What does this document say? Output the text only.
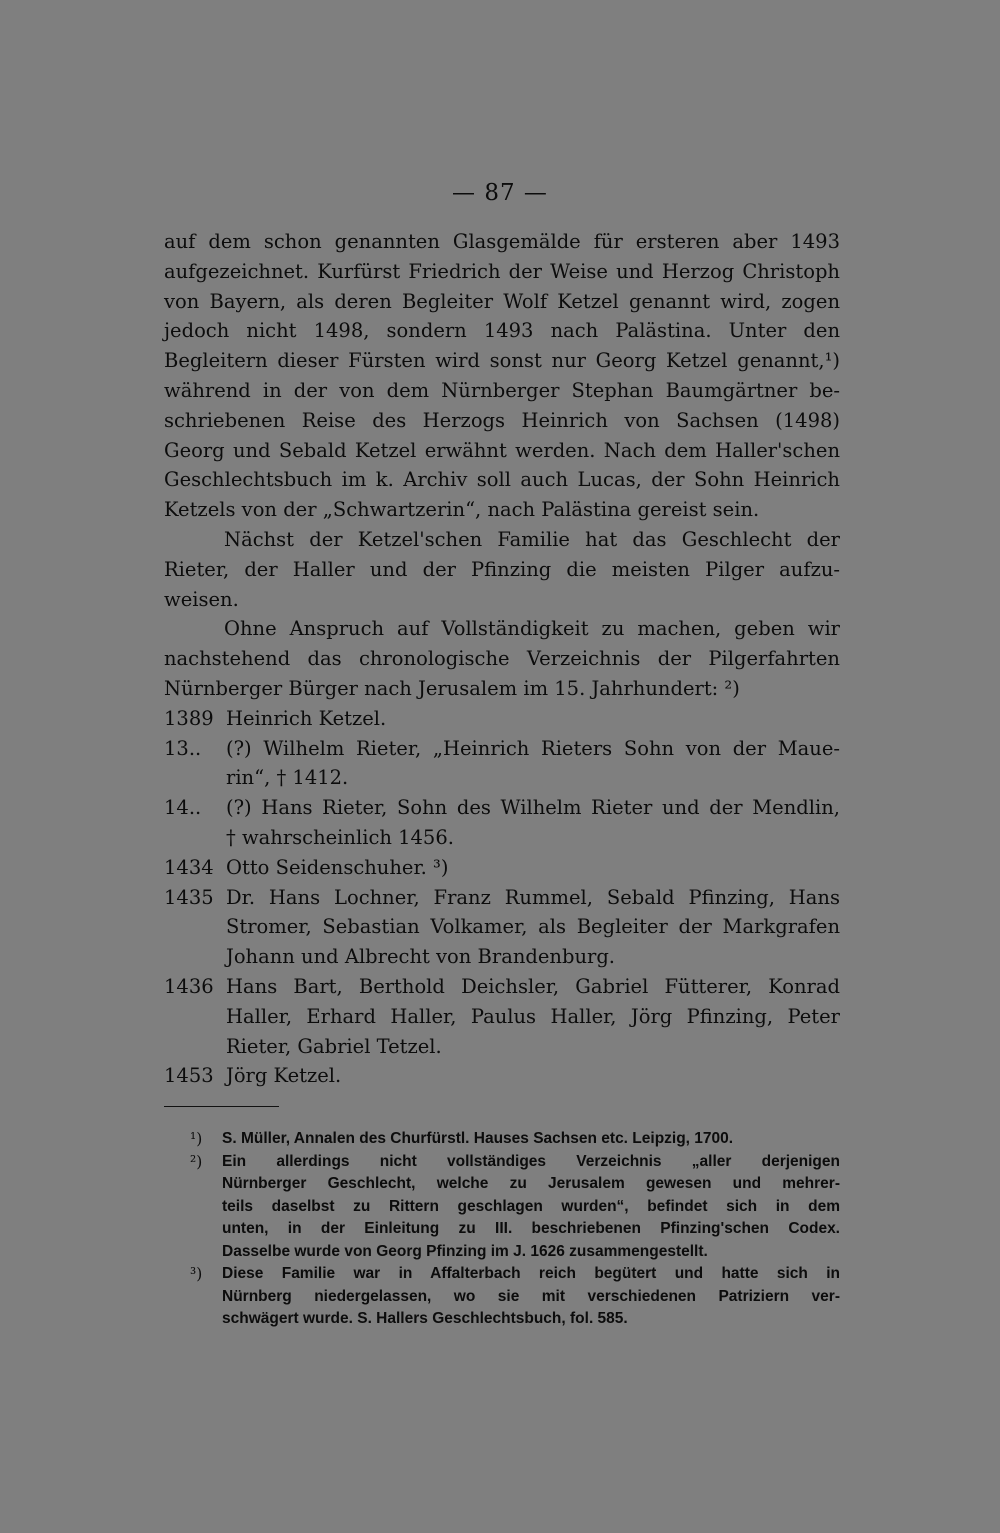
— 87 —
auf dem schon genannten Glasgemälde für ersteren aber 1493
aufgezeichnet. Kurfürst Friedrich der Weise und Herzog Christoph
von Bayern, als deren Begleiter Wolf Ketzel genannt wird, zogen
jedoch nicht 1498, sondern 1493 nach Palästina. Unter den
Begleitern dieser Fürsten wird sonst nur Georg Ketzel genannt,¹)
während in der von dem Nürnberger Stephan Baumgärtner be-
schriebenen Reise des Herzogs Heinrich von Sachsen (1498)
Georg und Sebald Ketzel erwähnt werden. Nach dem Haller'schen
Geschlechtsbuch im k. Archiv soll auch Lucas, der Sohn Heinrich
Ketzels von der „Schwartzerin“, nach Palästina gereist sein.
Nächst der Ketzel'schen Familie hat das Geschlecht der
Rieter, der Haller und der Pfinzing die meisten Pilger aufzu-
weisen.
Ohne Anspruch auf Vollständigkeit zu machen, geben wir
nachstehend das chronologische Verzeichnis der Pilgerfahrten
Nürnberger Bürger nach Jerusalem im 15. Jahrhundert: ²)
1389 Heinrich Ketzel.
13..	(?) Wilhelm Rieter, „Heinrich Rieters Sohn von der Maue-
rin“, † 1412.
14..	(?) Hans Rieter, Sohn des Wilhelm Rieter und der Mendlin,
† wahrscheinlich 1456.
1434 Otto Seidenschuher. ³)
1435 Dr. Hans Lochner, Franz Rummel, Sebald Pfinzing, Hans
Stromer, Sebastian Volkamer, als Begleiter der Markgrafen
Johann und Albrecht von Brandenburg.
1436 Hans Bart, Berthold Deichsler, Gabriel Fütterer, Konrad
Haller, Erhard Haller, Paulus Haller, Jörg Pfinzing, Peter
Rieter, Gabriel Tetzel.
1453 Jörg Ketzel.
¹)	S. Müller, Annalen des Churfürstl. Hauses Sachsen etc. Leipzig, 1700.
²)	Ein allerdings nicht vollständiges Verzeichnis „aller derjenigen
Nürnberger Geschlecht, welche zu Jerusalem gewesen und mehrer-
teils daselbst zu Rittern geschlagen wurden“, befindet sich in dem
unten, in der Einleitung zu III. beschriebenen Pfinzing'schen Codex.
Dasselbe wurde von Georg Pfinzing im J. 1626 zusammengestellt.
³)	Diese Familie war in Affalterbach reich begütert und hatte sich in
Nürnberg niedergelassen, wo sie mit verschiedenen Patriziern ver-
schwägert wurde. S. Hallers Geschlechtsbuch, fol. 585.
